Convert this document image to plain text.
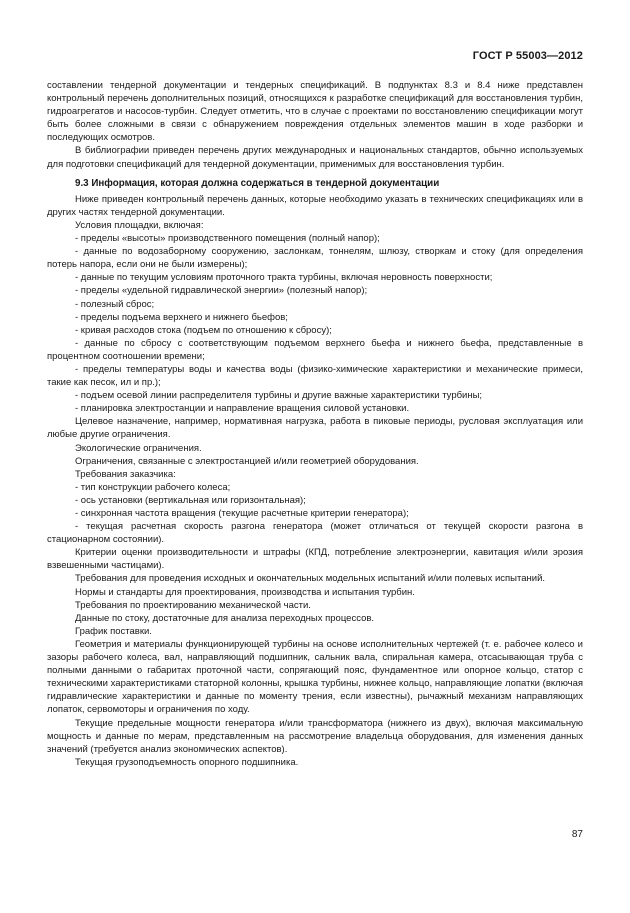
ГОСТ Р 55003—2012

составлении тендерной документации и тендерных спецификаций. В подпунктах 8.3 и 8.4 ниже представлен контрольный перечень дополнительных позиций, относящихся к разработке спецификаций для восстановления турбин, гидроагрегатов и насосов-турбин. Следует отметить, что в случае с проектами по восстановлению спецификации могут быть более сложными в связи с обнаружением повреждения отдельных элементов машин в ходе разборки и последующих осмотров.

В библиографии приведен перечень других международных и национальных стандартов, обычно используемых для подготовки спецификаций для тендерной документации, применимых для восстановления турбин.

9.3 Информация, которая должна содержаться в тендерной документации

Ниже приведен контрольный перечень данных, которые необходимо указать в технических спецификациях или в других частях тендерной документации.

Условия площадки, включая:

- пределы «высоты» производственного помещения (полный напор);

- данные по водозаборному сооружению, заслонкам, тоннелям, шлюзу, створкам и стоку (для определения потерь напора, если они не были измерены);

- данные по текущим условиям проточного тракта турбины, включая неровность поверхности;

- пределы «удельной гидравлической энергии» (полезный напор);

- полезный сброс;

- пределы подъема верхнего и нижнего бьефов;

- кривая расходов стока (подъем по отношению к сбросу);

- данные по сбросу с соответствующим подъемом верхнего бьефа и нижнего бьефа, представленные в процентном соотношении времени;

- пределы температуры воды и качества воды (физико-химические характеристики и механические примеси, такие как песок, ил и пр.);

- подъем осевой линии распределителя турбины и другие важные характеристики турбины;

- планировка электростанции и направление вращения силовой установки.

Целевое назначение, например, нормативная нагрузка, работа в пиковые периоды, русловая эксплуатация или любые другие ограничения.

Экологические ограничения.

Ограничения, связанные с электростанцией и/или геометрией оборудования.

Требования заказчика:

- тип конструкции рабочего колеса;

- ось установки (вертикальная или горизонтальная);

- синхронная частота вращения (текущие расчетные критерии генератора);

- текущая расчетная скорость разгона генератора (может отличаться от текущей скорости разгона в стационарном состоянии).

Критерии оценки производительности и штрафы (КПД, потребление электроэнергии, кавитация и/или эрозия взвешенными частицами).

Требования для проведения исходных и окончательных модельных испытаний и/или полевых испытаний.

Нормы и стандарты для проектирования, производства и испытания турбин.

Требования по проектированию механической части.

Данные по стоку, достаточные для анализа переходных процессов.

График поставки.

Геометрия и материалы функционирующей турбины на основе исполнительных чертежей (т. е. рабочее колесо и зазоры рабочего колеса, вал, направляющий подшипник, сальник вала, спиральная камера, отсасывающая труба с полными данными о габаритах проточной части, сопрягающий пояс, фундаментное или опорное кольцо, статор с техническими характеристиками статорной колонны, крышка турбины, нижнее кольцо, направляющие лопатки (включая гидравлические характеристики и данные по моменту трения, если известны), рычажный механизм направляющих лопаток, сервомоторы и ограничения по ходу.

Текущие предельные мощности генератора и/или трансформатора (нижнего из двух), включая максимальную мощность и данные по мерам, представленным на рассмотрение владельца оборудования, для изменения данных значений (требуется анализ экономических аспектов).

Текущая грузоподъемность опорного подшипника.

87
